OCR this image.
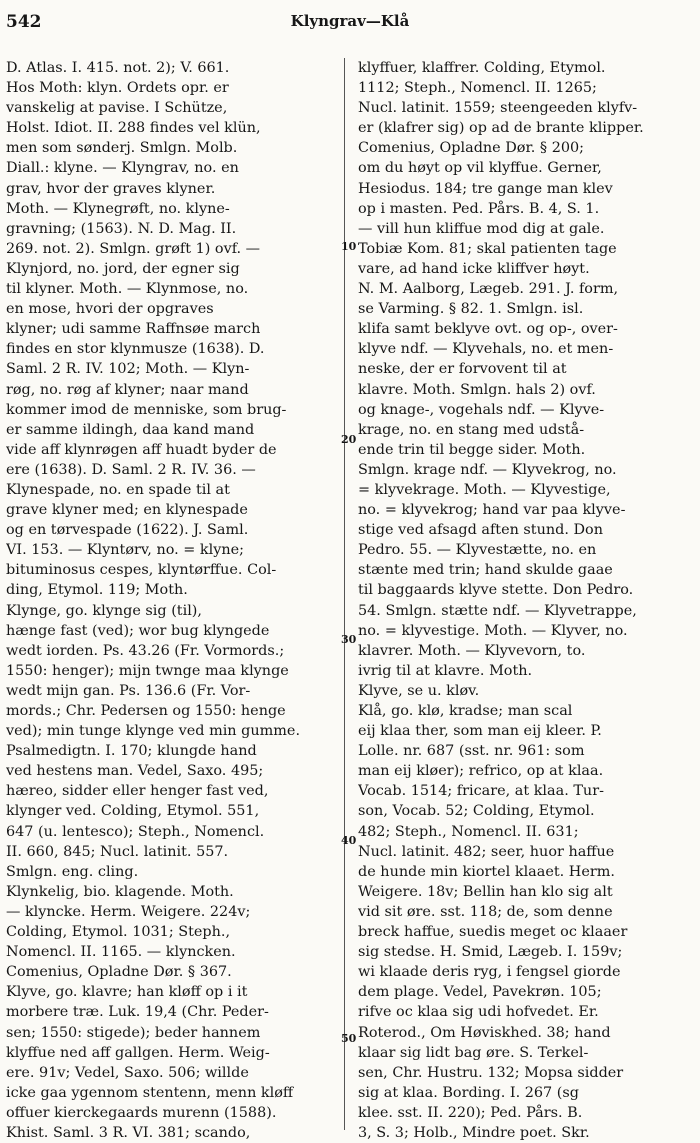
542	Klyngrav—Klå
D. Atlas. I. 415. not. 2); V. 661.
Hos Moth: klyn. Ordets opr. er
vanskelig at pavise. I Schütze,
Holst. Idiot. II. 288 findes vel klün,
men som sønderj. Smlgn. Molb.
Diall.: klyne. — Klyngrav, no. en
grav, hvor der graves klyner.
Moth. — Klynegrøft, no. klyne-
gravning; (1563). N. D. Mag. II.
269. not. 2). Smlgn. grøft 1) ovf. —
Klynjord, no. jord, der egner sig
til klyner. Moth. — Klynmose, no.
en mose, hvori der opgraves
klyner; udi samme Raffnsøe march
findes en stor klynmusze (1638). D.
Saml. 2 R. IV. 102; Moth. — Klyn-
røg, no. røg af klyner; naar mand
kommer imod de menniske, som brug-
er samme ildingh, daa kand mand
vide aff klynrøgen aff huadt byder de
ere (1638). D. Saml. 2 R. IV. 36. —
Klynespade, no. en spade til at
grave klyner med; en klynespade
og en tørvespade (1622). J. Saml.
VI. 153. — Klyntørv, no. = klyne;
bituminosus cespes, klyntørffue. Col-
ding, Etymol. 119; Moth.
Klynge, go. klynge sig (til),
hænge fast (ved); wor bug klyngede
wedt iorden. Ps. 43.26 (Fr. Vormords.;
1550: henger); mijn twnge maa klynge
wedt mijn gan. Ps. 136.6 (Fr. Vor-
mords.; Chr. Pedersen og 1550: henge
ved); min tunge klynge ved min gumme.
Psalmedigtn. I. 170; klungde hand
ved hestens man. Vedel, Saxo. 495;
hæreo, sidder eller henger fast ved,
klynger ved. Colding, Etymol. 551,
647 (u. lentesco); Steph., Nomencl.
II. 660, 845; Nucl. latinit. 557.
Smlgn. eng. cling.
Klynkelig, bio. klagende. Moth.
— klyncke. Herm. Weigere. 224v;
Colding, Etymol. 1031; Steph.,
Nomencl. II. 1165. — klyncken.
Comenius, Opladne Dør. § 367.
Klyve, go. klavre; han kløff op i it
morbere træ. Luk. 19,4 (Chr. Peder-
sen; 1550: stigede); beder hannem
klyffue ned aff gallgen. Herm. Weig-
ere. 91v; Vedel, Saxo. 506; willde
icke gaa ygennom stentenn, menn kløff
offuer kierckegaards murenn (1588).
Khist. Saml. 3 R. VI. 381; scando,
klyffuer, klaffrer. Colding, Etymol.
1112; Steph., Nomencl. II. 1265;
Nucl. latinit. 1559; steengeeden klyfv-
er (klafrer sig) op ad de brante klipper.
Comenius, Opladne Dør. § 200;
om du høyt op vil klyffue. Gerner,
Hesiodus. 184; tre gange man klev
op i masten. Ped. Pårs. B. 4, S. 1.
— vill hun kliffue mod dig at gale.
Tobiæ Kom. 81; skal patienten tage
vare, ad hand icke kliffver høyt.
N. M. Aalborg, Lægeb. 291. J. form,
se Varming. § 82. 1. Smlgn. isl.
klifa samt beklyve ovt. og op-, over-
klyve ndf. — Klyvehals, no. et men-
neske, der er forvovent til at
klavre. Moth. Smlgn. hals 2) ovf.
og knage-, vogehals ndf. — Klyve-
krage, no. en stang med udstå-
ende trin til begge sider. Moth.
Smlgn. krage ndf. — Klyvekrog, no.
= klyvekrage. Moth. — Klyvestige,
no. = klyvekrog; hand var paa klyve-
stige ved afsagd aften stund. Don
Pedro. 55. — Klyvestætte, no. en
stænte med trin; hand skulde gaae
til baggaards klyve stette. Don Pedro.
54. Smlgn. stætte ndf. — Klyvetrappe,
no. = klyvestige. Moth. — Klyver, no.
klavrer. Moth. — Klyvevorn, to.
ivrig til at klavre. Moth.
Klyve, se u. kløv.
Klå, go. klø, kradse; man scal
eij klaa ther, som man eij kleer. P.
Lolle. nr. 687 (sst. nr. 961: som
man eij kløer); refrico, op at klaa.
Vocab. 1514; fricare, at klaa. Tur-
son, Vocab. 52; Colding, Etymol.
482; Steph., Nomencl. II. 631;
Nucl. latinit. 482; seer, huor haffue
de hunde min kiortel klaaet. Herm.
Weigere. 18v; Bellin han klo sig alt
vid sit øre. sst. 118; de, som denne
breck haffue, suedis meget oc klaaer
sig stedse. H. Smid, Lægeb. I. 159v;
wi klaade deris ryg, i fengsel giorde
dem plage. Vedel, Pavekrøn. 105;
rifve oc klaa sig udi hofvedet. Er.
Roterod., Om Høviskhed. 38; hand
klaar sig lidt bag øre. S. Terkel-
sen, Chr. Hustru. 132; Mopsa sidder
sig at klaa. Bording. I. 267 (sg
klee. sst. II. 220); Ped. Pårs. B.
3, S. 3; Holb., Mindre poet. Skr.
10
20
30
40
50
